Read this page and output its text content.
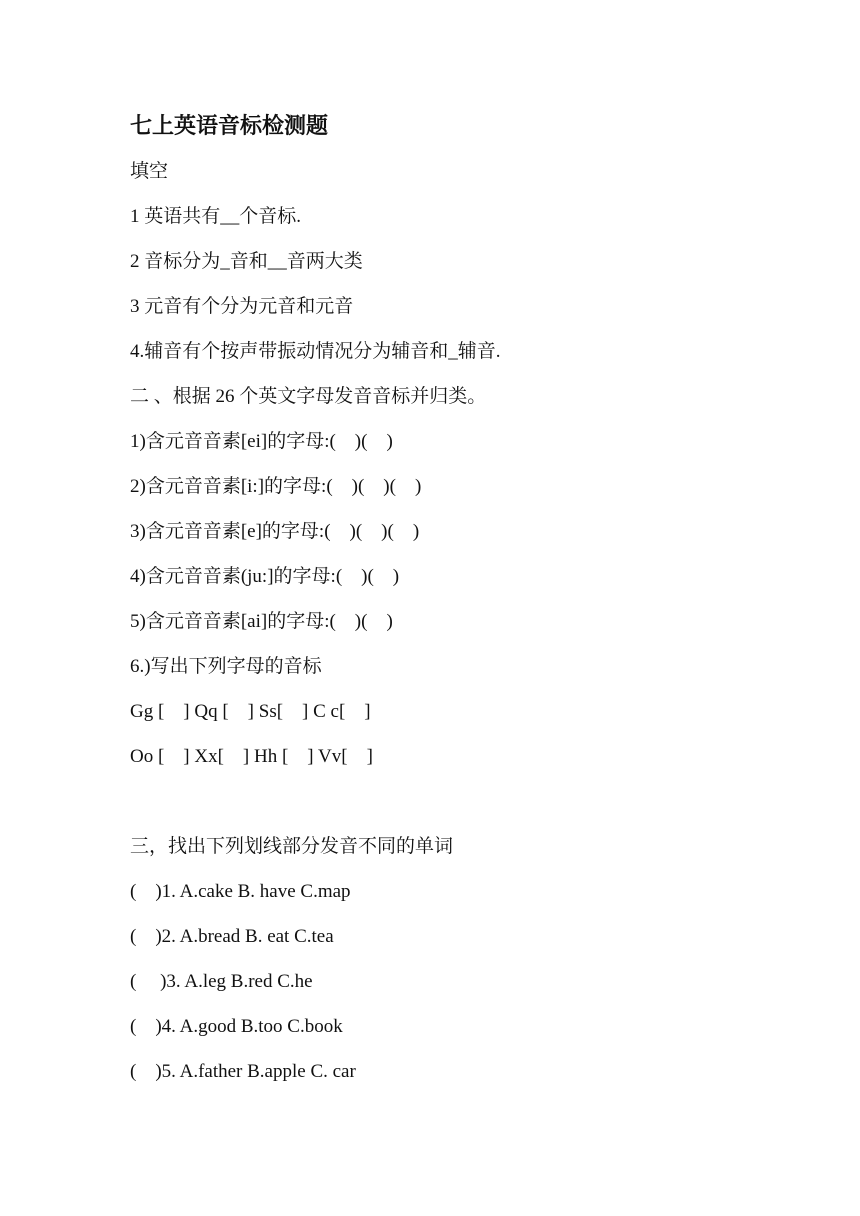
七上英语音标检测题
填空
1 英语共有__个音标.
2 音标分为_音和__音两大类
3 元音有个分为元音和元音
4.辅音有个按声带振动情况分为辅音和_辅音.
二 、根据 26 个英文字母发音音标并归类。
1)含元音音素[ei]的字母:(    )(    )
2)含元音音素[i:]的字母:(    )(    )(    )
3)含元音音素[e]的字母:(    )(    )(    )
4)含元音音素(ju:]的字母:(    )(    )
5)含元音音素[ai]的字母:(    )(    )
6.)写出下列字母的音标
Gg [    ] Qq [    ] Ss[    ] C c[    ]
Oo [    ] Xx[    ] Hh [    ] Vv[    ]
三，找出下列划线部分发音不同的单词
(    )1. A.cake B. have C.map
(    )2. A.bread B. eat C.tea
(     )3. A.leg B.red C.he
(    )4. A.good B.too C.book
(    )5. A.father B.apple C. car
